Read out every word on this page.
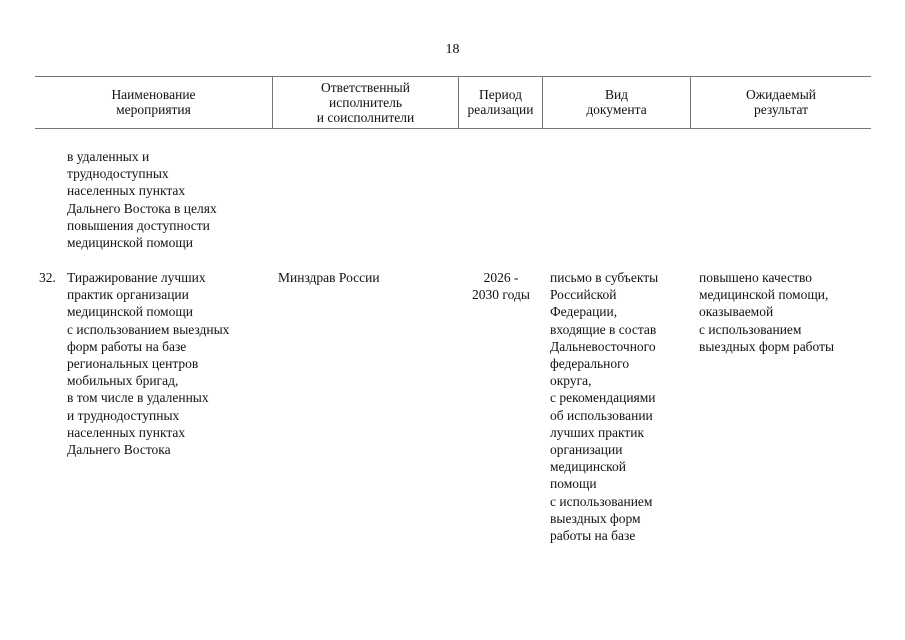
18
Наименование
мероприятия
Ответственный
исполнитель
и соисполнители
Период
реализации
Вид
документа
Ожидаемый
результат
в удаленных и
труднодоступных
населенных пунктах
Дальнего Востока в целях
повышения доступности
медицинской помощи
32. Тиражирование лучших
практик организации
медицинской помощи
с использованием выездных
форм работы на базе
региональных центров
мобильных бригад,
в том числе в удаленных
и труднодоступных
населенных пунктах
Дальнего Востока
Минздрав России	2026 -
2030 годы
письмо в субъекты
Российской
Федерации,
входящие в состав
Дальневосточного
федерального
округа,
с рекомендациями
об использовании
лучших практик
организации
медицинской
помощи
с использованием
выездных форм
работы на базе
повышено качество
медицинской помощи,
оказываемой
с использованием
выездных форм работы
